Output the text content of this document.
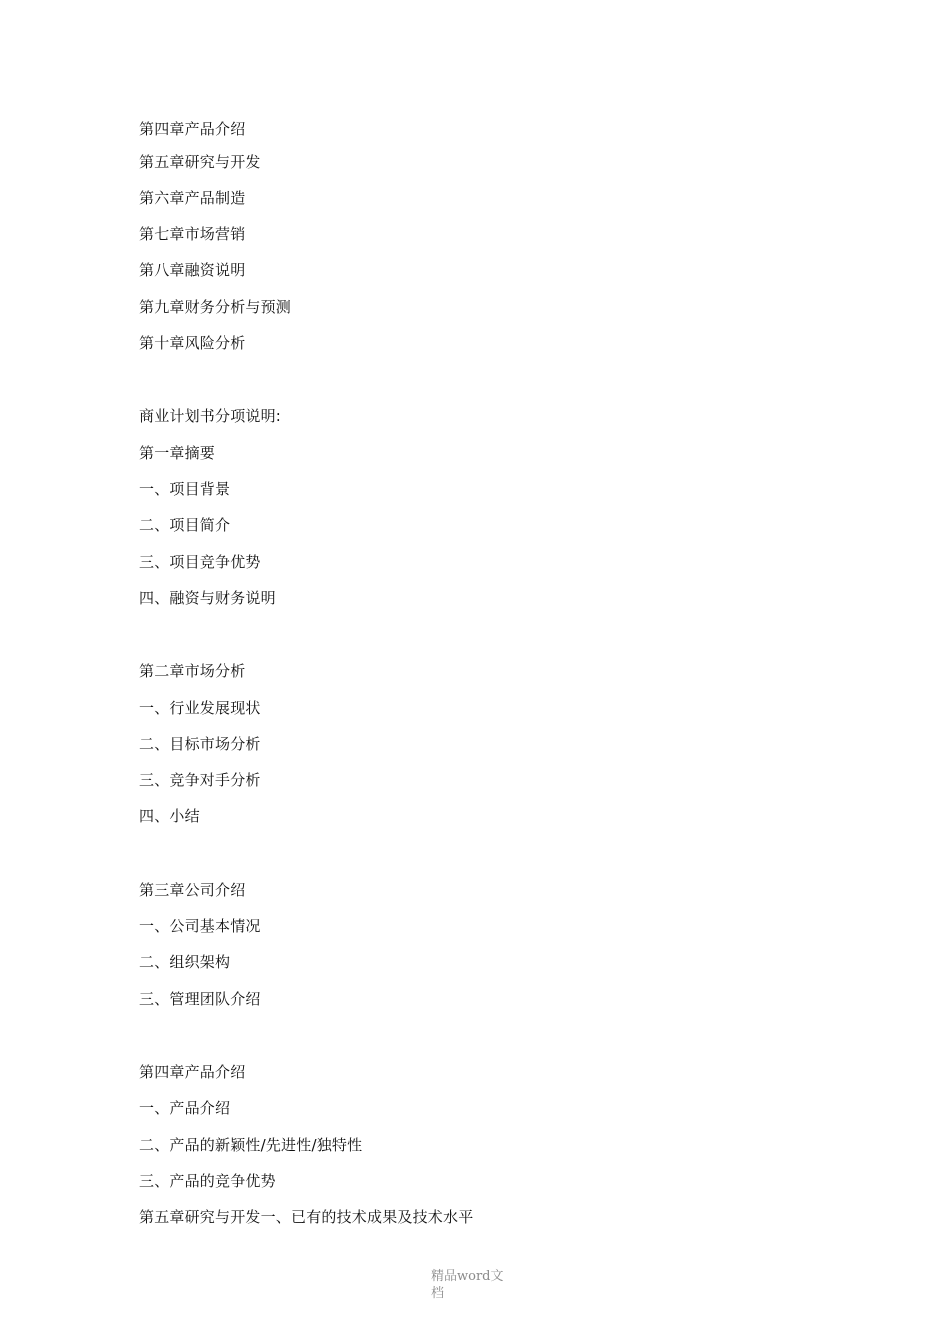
第四章产品介绍
第五章研究与开发
第六章产品制造
第七章市场营销
第八章融资说明
第九章财务分析与预测
第十章风险分析
商业计划书分项说明:
第一章摘要
一、项目背景
二、项目简介
三、项目竞争优势
四、融资与财务说明
第二章市场分析
一、行业发展现状
二、目标市场分析
三、竞争对手分析
四、小结
第三章公司介绍
一、公司基本情况
二、组织架构
三、管理团队介绍
第四章产品介绍
一、产品介绍
二、产品的新颖性/先进性/独特性
三、产品的竞争优势
第五章研究与开发一、已有的技术成果及技术水平
精品word文
档
